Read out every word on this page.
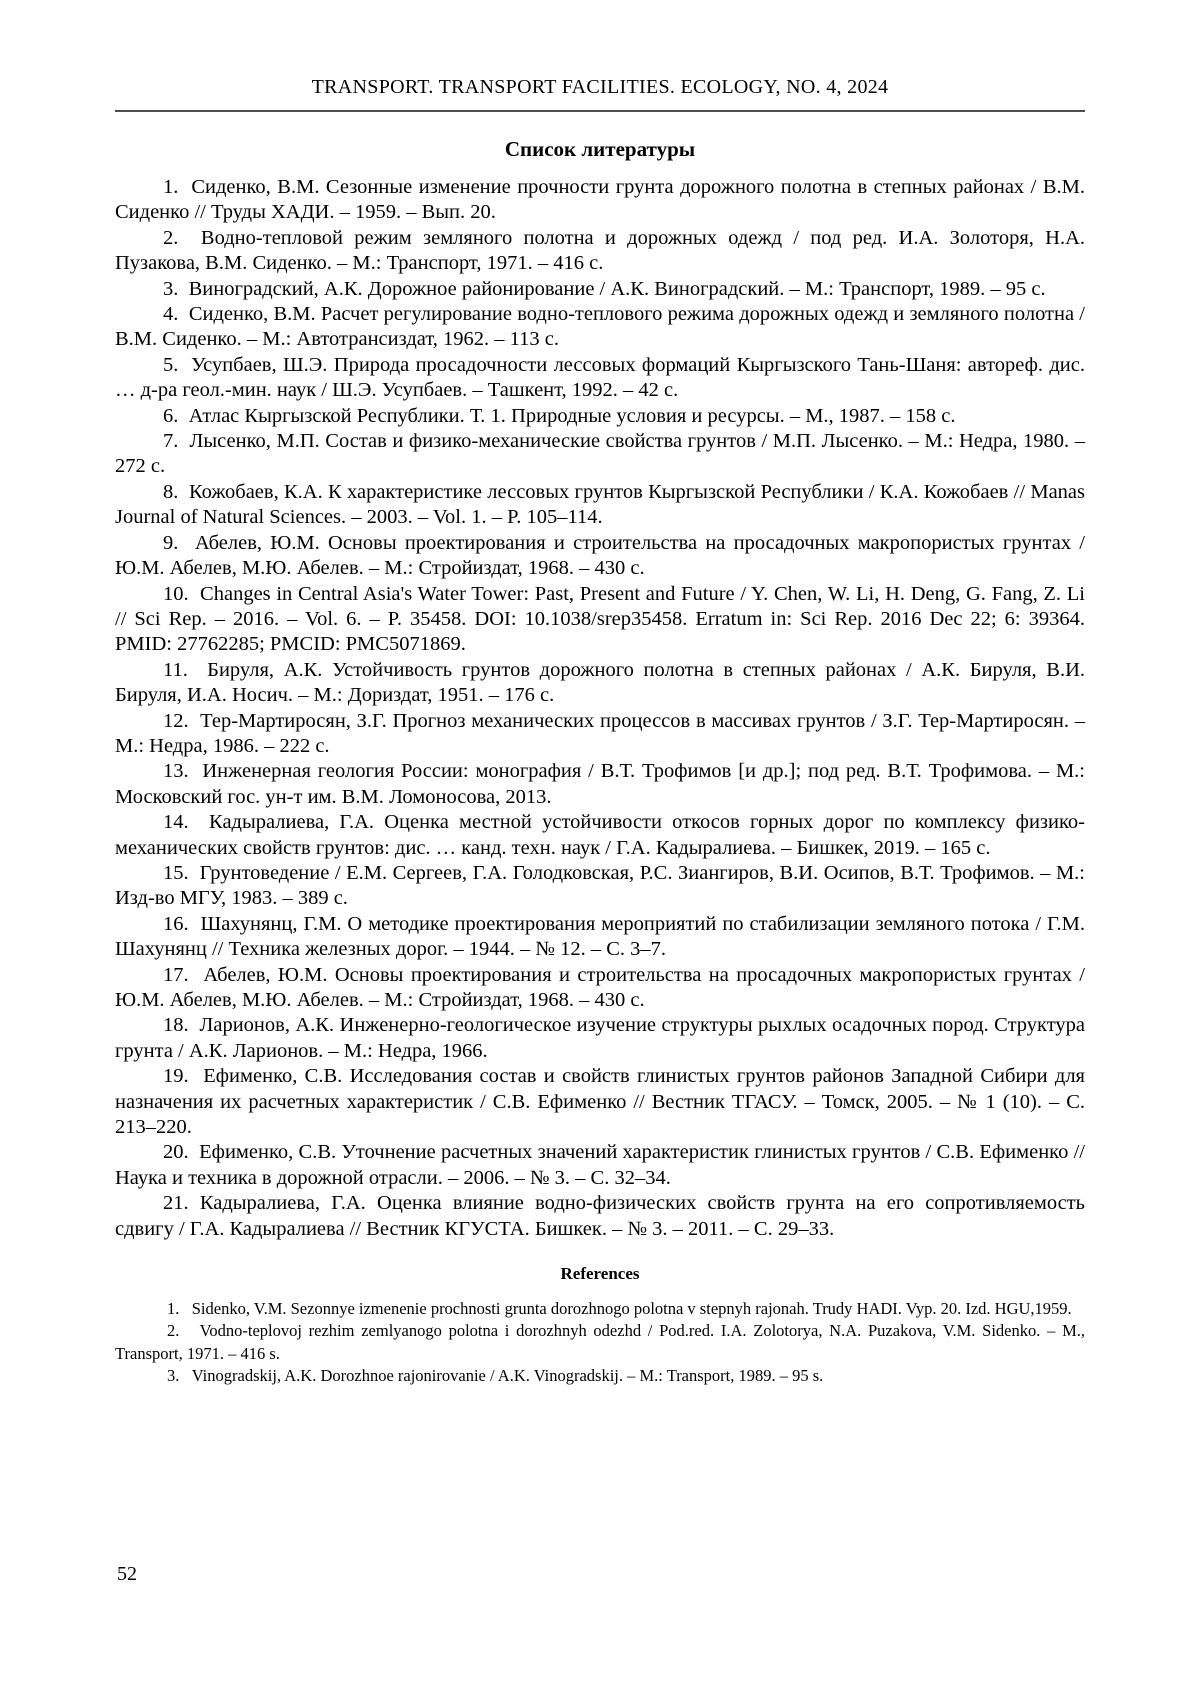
TRANSPORT. TRANSPORT FACILITIES. ECOLOGY, NO. 4, 2024
Список литературы

1.  Сиденко, В.М. Сезонные изменение прочности грунта дорожного полотна в степных районах / В.М. Сиденко // Труды ХАДИ. – 1959. – Вып. 20.

2.  Водно-тепловой режим земляного полотна и дорожных одежд / под ред. И.А. Золоторя, Н.А. Пузакова, В.М. Сиденко. – М.: Транспорт, 1971. – 416 с.

3.  Виноградский, А.К. Дорожное районирование / А.К. Виноградский. – М.: Транспорт, 1989. – 95 с.

4.  Сиденко, В.М. Расчет регулирование водно-теплового режима дорожных одежд и земляного полотна / В.М. Сиденко. – М.: Автотрансиздат, 1962. – 113 с.

5.  Усупбаев, Ш.Э. Природа просадочности лессовых формаций Кыргызского Тань-Шаня: автореф. дис. … д-ра геол.-мин. наук / Ш.Э. Усупбаев. – Ташкент, 1992. – 42 с.

6.  Атлас Кыргызской Республики. Т. 1. Природные условия и ресурсы. – М., 1987. – 158 с.

7.  Лысенко, М.П. Состав и физико-механические свойства грунтов / М.П. Лысенко. – М.: Недра, 1980. – 272 с.

8.  Кожобаев, К.А. К характеристике лессовых грунтов Кыргызской Республики / К.А. Кожобаев // Manas Journal of Natural Sciences. – 2003. – Vol. 1. – P. 105–114.

9.  Абелев, Ю.М. Основы проектирования и строительства на просадочных макропористых грунтах / Ю.М. Абелев, М.Ю. Абелев. – М.: Стройиздат, 1968. – 430 с.

10.  Changes in Central Asia's Water Tower: Past, Present and Future / Y. Chen, W. Li, H. Deng, G. Fang, Z. Li // Sci Rep. – 2016. – Vol. 6. – P. 35458. DOI: 10.1038/srep35458. Erratum in: Sci Rep. 2016 Dec 22; 6: 39364. PMID: 27762285; PMCID: PMC5071869.

11.  Бируля, А.К. Устойчивость грунтов дорожного полотна в степных районах / А.К. Бируля, В.И. Бируля, И.А. Носич. – М.: Дориздат, 1951. – 176 с.

12.  Тер-Мартиросян, З.Г. Прогноз механических процессов в массивах грунтов / З.Г. Тер-Мартиросян. – М.: Недра, 1986. – 222 с.

13.  Инженерная геология России: монография / В.Т. Трофимов [и др.]; под ред. В.Т. Трофимова. – М.: Московский гос. ун-т им. В.М. Ломоносова, 2013.

14.  Кадыралиева, Г.А. Оценка местной устойчивости откосов горных дорог по комплексу физико-механических свойств грунтов: дис. … канд. техн. наук / Г.А. Кадыралиева. – Бишкек, 2019. – 165 с.

15.  Грунтоведение / Е.М. Сергеев, Г.А. Голодковская, Р.С. Зиангиров, В.И. Осипов, В.Т. Трофимов. – М.: Изд-во МГУ, 1983. – 389 с.

16.  Шахунянц, Г.М. О методике проектирования мероприятий по стабилизации земляного потока / Г.М. Шахунянц // Техника железных дорог. – 1944. – № 12. – С. 3–7.

17.  Абелев, Ю.М. Основы проектирования и строительства на просадочных макропористых грунтах / Ю.М. Абелев, М.Ю. Абелев. – М.: Стройиздат, 1968. – 430 с.

18.  Ларионов, А.К. Инженерно-геологическое изучение структуры рыхлых осадочных пород. Структура грунта / А.К. Ларионов. – М.: Недра, 1966.

19.  Ефименко, С.В. Исследования состав и свойств глинистых грунтов районов Западной Сибири для назначения их расчетных характеристик / С.В. Ефименко // Вестник ТГАСУ. – Томск, 2005. – № 1 (10). – С. 213–220.

20.  Ефименко, С.В. Уточнение расчетных значений характеристик глинистых грунтов / С.В. Ефименко // Наука и техника в дорожной отрасли. – 2006. – № 3. – С. 32–34.

21. Кадыралиева, Г.А. Оценка влияние водно-физических свойств грунта на его сопротивляемость сдвигу / Г.А. Кадыралиева // Вестник КГУСТА. Бишкек. – № 3. – 2011. – С. 29–33.

References

1.   Sidenko, V.M. Sezonnye izmenenie prochnosti grunta dorozhnogo polotna v stepnyh rajonah. Trudy HADI. Vyp. 20. Izd. HGU,1959.

2.   Vodno-teplovoj rezhim zemlyanogo polotna i dorozhnyh odezhd / Pod.red. I.A. Zolotorya, N.A. Puzakova, V.M. Sidenko. – M., Transport, 1971. – 416 s.

3.   Vinogradskij, A.K. Dorozhnoe rajonirovanie / A.K. Vinogradskij. – M.: Transport, 1989. – 95 s.

52
